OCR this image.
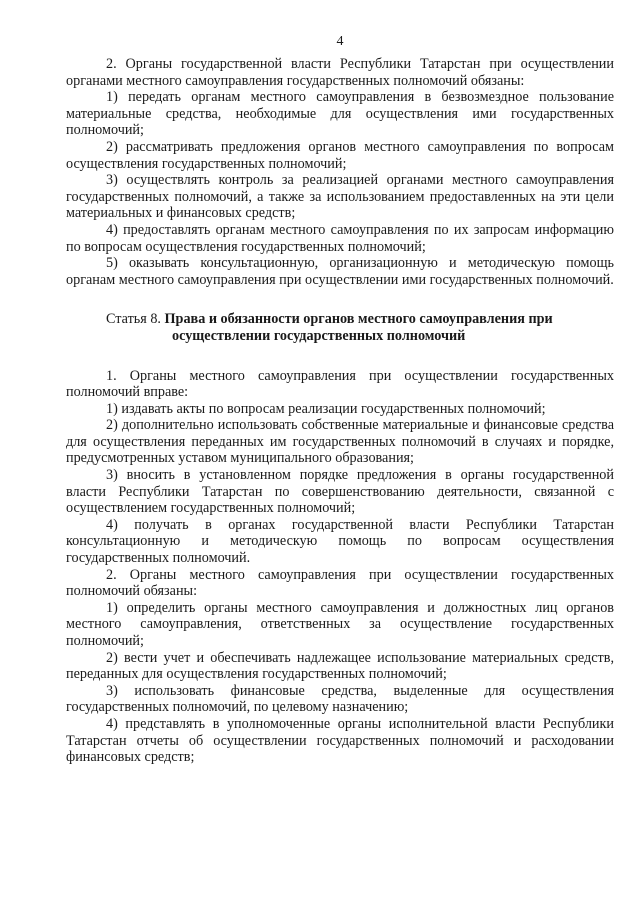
4

2. Органы государственной власти Республики Татарстан при осуществлении органами местного самоуправления государственных полномочий обязаны:

1) передать органам местного самоуправления в безвозмездное пользование материальные средства, необходимые для осуществления ими государственных полномочий;

2) рассматривать предложения органов местного самоуправления по вопросам осуществления государственных полномочий;

3) осуществлять контроль за реализацией органами местного самоуправления государственных полномочий, а также за использованием предоставленных на эти цели материальных и финансовых средств;

4) предоставлять органам местного самоуправления по их запросам информацию по вопросам осуществления государственных полномочий;

5) оказывать консультационную, организационную и методическую помощь органам местного самоуправления при осуществлении ими государственных полномочий.

Статья 8. Права и обязанности органов местного самоуправления при
осуществлении государственных полномочий

1. Органы местного самоуправления при осуществлении государственных полномочий вправе:

1) издавать акты по вопросам реализации государственных полномочий;

2) дополнительно использовать собственные материальные и финансовые средства для осуществления переданных им государственных полномочий в случаях и порядке, предусмотренных уставом муниципального образования;

3) вносить в установленном порядке предложения в органы государственной власти Республики Татарстан по совершенствованию деятельности, связанной с осуществлением государственных полномочий;

4) получать в органах государственной власти Республики Татарстан консультационную и методическую помощь по вопросам осуществления государственных полномочий.

2. Органы местного самоуправления при осуществлении государственных полномочий обязаны:

1) определить органы местного самоуправления и должностных лиц органов местного самоуправления, ответственных за осуществление государственных полномочий;

2) вести учет и обеспечивать надлежащее использование материальных средств, переданных для осуществления государственных полномочий;

3) использовать финансовые средства, выделенные для осуществления государственных полномочий, по целевому назначению;

4) представлять в уполномоченные органы исполнительной власти Республики Татарстан отчеты об осуществлении государственных полномочий и расходовании финансовых средств;
